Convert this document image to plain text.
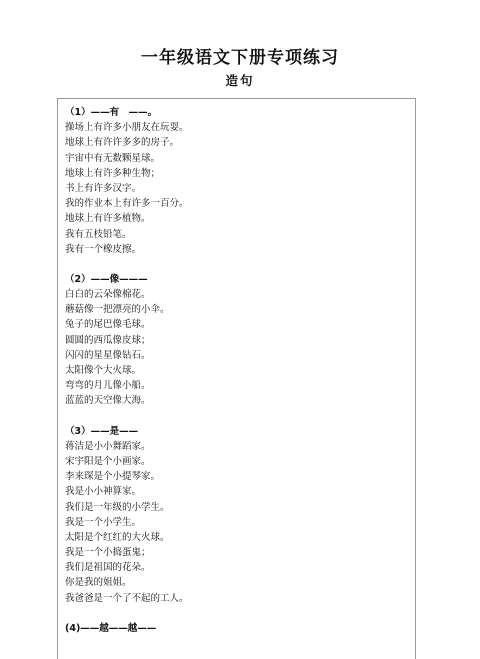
一年级语文下册专项练习
造句
（1）——有　——。
操场上有许多小朋友在玩耍。
地球上有许许多多的房子。
宇宙中有无数颗星球。
地球上有许多种生物；
书上有许多汉字。
我的作业本上有许多一百分。
地球上有许多植物。
我有五枝铅笔。
我有一个橡皮擦。
（2）——像———
白白的云朵像棉花。
蘑菇像一把漂亮的小伞。
兔子的尾巴像毛球。
圆圆的西瓜像皮球；
闪闪的星星像钻石。
太阳像个大火球。
弯弯的月儿像小船。
蓝蓝的天空像大海。
（3）——是——
蒋洁是小小舞蹈家。
宋宇阳是个小画家。
李来琛是个小提琴家。
我是小小神算家。
我们是一年级的小学生。
我是一个小学生。
太阳是个红红的大火球。
我是一个小捣蛋鬼；
我们是祖国的花朵。
你是我的姐姐。
我爸爸是一个了不起的工人。
(4)——越——越——
